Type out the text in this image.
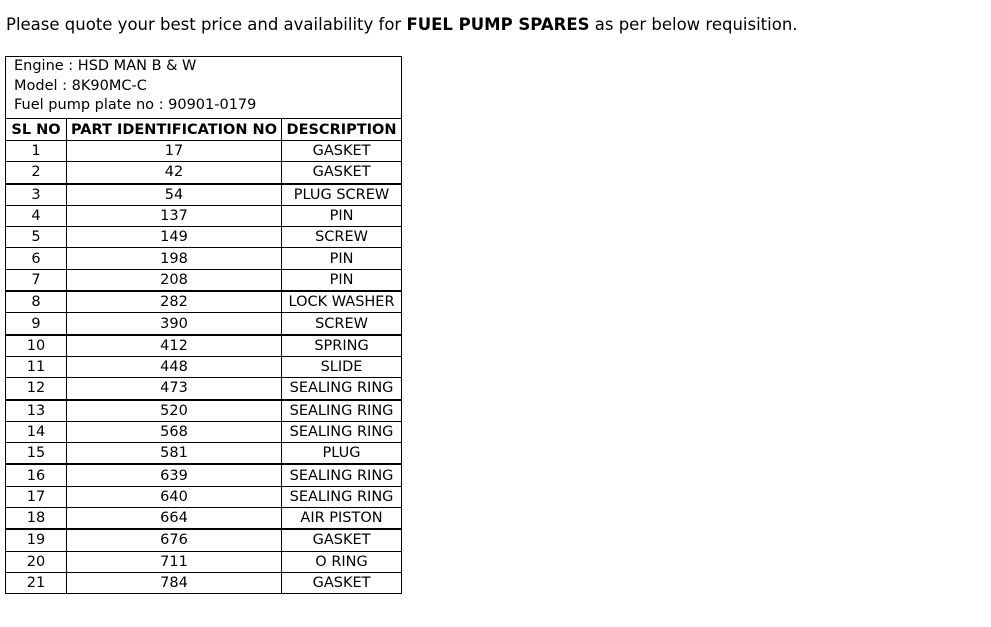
Please quote your best price and availability for FUEL PUMP SPARES as per below requisition.
Engine : HSD MAN B & W
Model : 8K90MC-C
Fuel pump plate no : 90901-0179		

SL NO	PART IDENTIFICATION NO	DESCRIPTION
1	17	GASKET
2	42	GASKET
3	54	PLUG SCREW
4	137	PIN
5	149	SCREW
6	198	PIN
7	208	PIN
8	282	LOCK WASHER
9	390	SCREW
10	412	SPRING
11	448	SLIDE
12	473	SEALING RING
13	520	SEALING RING
14	568	SEALING RING
15	581	PLUG
16	639	SEALING RING
17	640	SEALING RING
18	664	AIR PISTON
19	676	GASKET
20	711	O RING
21	784	GASKET
